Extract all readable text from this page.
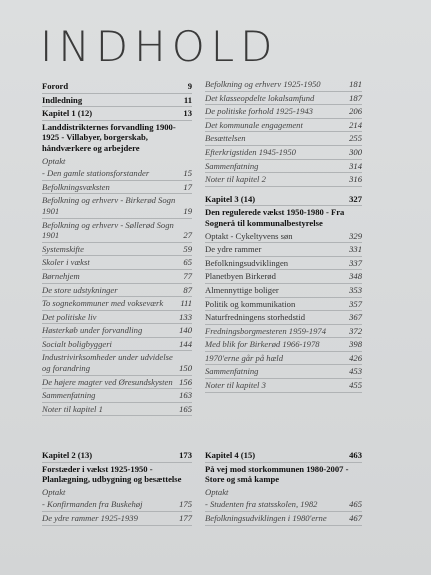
INDHOLD
Forord	9
Indledning	11
Kapitel 1 (12)	13
Landdistrikternes forvandling 1900-1925 - Villabyer, borgerskab, håndværkere og arbejdere
Optakt
- Den gamle stationsforstander	15
Befolkningsvæksten	17
Befolkning og erhverv - Birkerød Sogn 1901	19
Befolkning og erhverv - Søllerød Sogn 1901	27
Systemskifte	59
Skoler i vækst	65
Børnehjem	77
De store udstykninger	87
To sognekommuner med vokseværk	111
Det politiske liv	133
Høsterkøb under forvandling	140
Socialt boligbyggeri	144
Industrivirksomheder under udvidelse og forandring	150
De højere magter ved Øresundskysten 156
Sammenfatning	163
Noter til kapitel 1	165
Befolkning og erhverv 1925-1950	181
Det klasseopdelte lokalsamfund	187
De politiske forhold 1925-1943	206
Det kommunale engagement	214
Besættelsen	255
Efterkrigstiden 1945-1950	300
Sammenfatning	314
Noter til kapitel 2	316
Kapitel 3 (14)	327
Den regulerede vækst 1950-1980 - Fra Sognerå til kommunalbestyrelse
Optakt - Cykeltyvens søn	329
De ydre rammer	331
Befolkningsudviklingen	337
Planetbyen Birkerød	348
Almennyttige boliger	353
Politik og kommunikation	357
Naturfredningens storhedstid	367
Fredningsborgmesteren 1959-1974	372
Med blik for Birkerød 1966-1978	398
1970'erne går på hæld	426
Sammenfatning	453
Noter til kapitel 3	455
Kapitel 2 (13)	173
Forstæder i vækst 1925-1950 - Planlægning, udbygning og besættelse
Optakt
- Konfirmanden fra Buskehøj	175
De ydre rammer 1925-1939	177
Kapitel 4 (15)	463
På vej mod storkommunen 1980-2007 - Store og små kampe
Optakt
- Studenten fra statsskolen, 1982	465
Befolkningsudviklingen i 1980'erne	467
